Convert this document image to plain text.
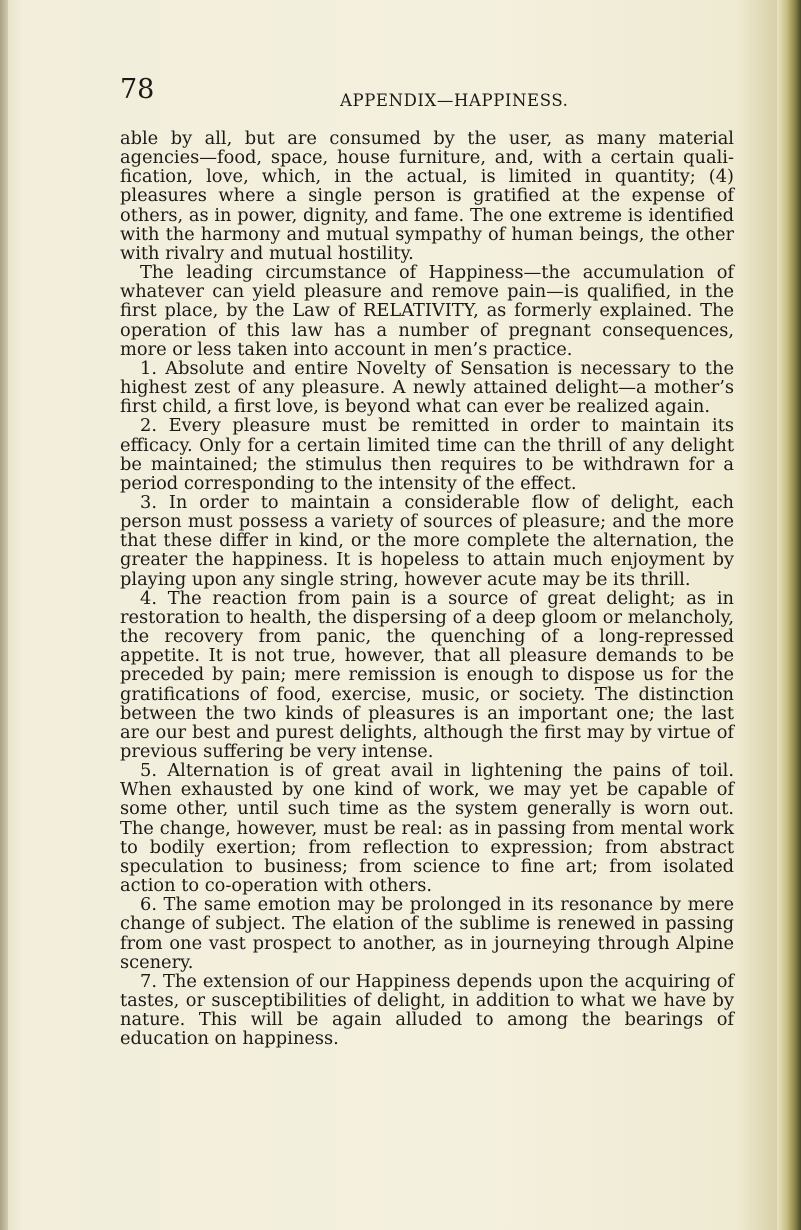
78	APPENDIX—HAPPINESS.

able by all, but are consumed by the user, as many material agencies—food, space, house furniture, and, with a certain qualification, love, which, in the actual, is limited in quantity; (4) pleasures where a single person is gratified at the expense of others, as in power, dignity, and fame. The one extreme is identified with the harmony and mutual sympathy of human beings, the other with rivalry and mutual hostility.

The leading circumstance of Happiness—the accumulation of whatever can yield pleasure and remove pain—is qualified, in the first place, by the Law of RELATIVITY, as formerly explained. The operation of this law has a number of pregnant consequences, more or less taken into account in men’s practice.

1. Absolute and entire Novelty of Sensation is necessary to the highest zest of any pleasure. A newly attained delight—a mother’s first child, a first love, is beyond what can ever be realized again.

2. Every pleasure must be remitted in order to maintain its efficacy. Only for a certain limited time can the thrill of any delight be maintained; the stimulus then requires to be withdrawn for a period corresponding to the intensity of the effect.

3. In order to maintain a considerable flow of delight, each person must possess a variety of sources of pleasure; and the more that these differ in kind, or the more complete the alternation, the greater the happiness. It is hopeless to attain much enjoyment by playing upon any single string, however acute may be its thrill.

4. The reaction from pain is a source of great delight; as in restoration to health, the dispersing of a deep gloom or melancholy, the recovery from panic, the quenching of a long-repressed appetite. It is not true, however, that all pleasure demands to be preceded by pain; mere remission is enough to dispose us for the gratifications of food, exercise, music, or society. The distinction between the two kinds of pleasures is an important one; the last are our best and purest delights, although the first may by virtue of previous suffering be very intense.

5. Alternation is of great avail in lightening the pains of toil. When exhausted by one kind of work, we may yet be capable of some other, until such time as the system generally is worn out. The change, however, must be real: as in passing from mental work to bodily exertion; from reflection to expression; from abstract speculation to business; from science to fine art; from isolated action to co-operation with others.

6. The same emotion may be prolonged in its resonance by mere change of subject. The elation of the sublime is renewed in passing from one vast prospect to another, as in journeying through Alpine scenery.

7. The extension of our Happiness depends upon the acquiring of tastes, or susceptibilities of delight, in addition to what we have by nature. This will be again alluded to among the bearings of education on happiness.
